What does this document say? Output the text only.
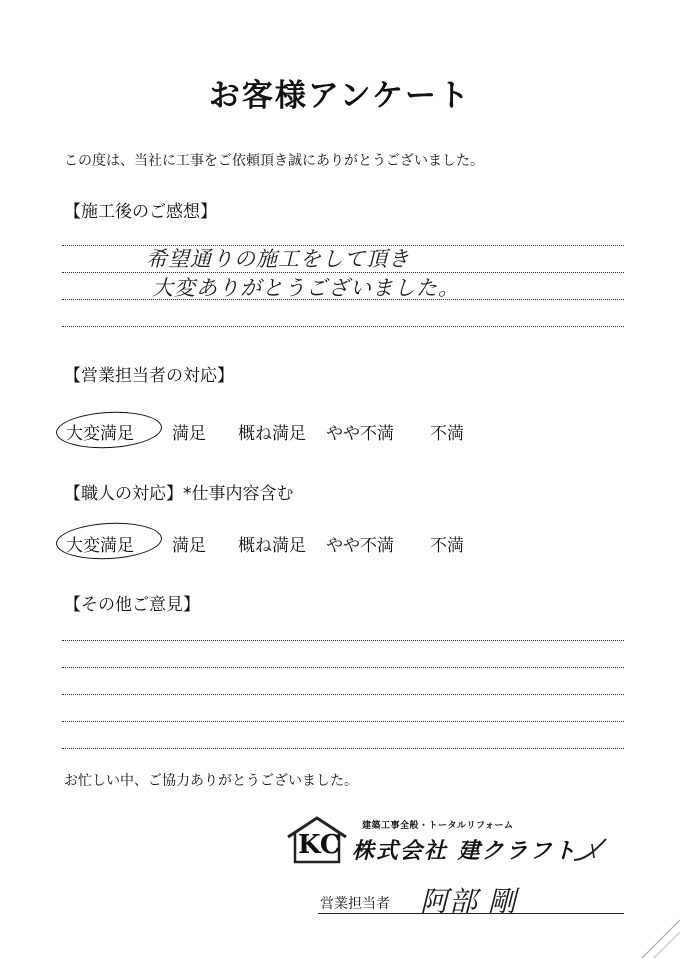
お客様アンケート
この度は、当社に工事をご依頼頂き誠にありがとうございました。
【施工後のご感想】
希望通りの施工をして頂き
大変ありがとうございました。
【営業担当者の対応】
大変満足 満足 概ね満足 やや不満 不満
【職人の対応】*仕事内容含む
大変満足 満足 概ね満足 やや不満 不満
【その他ご意見】
お忙しい中、ご協力ありがとうございました。
KC
建築工事全般・トータルリフォーム
株式会社 建クラフト
営業担当者 阿部 剛
